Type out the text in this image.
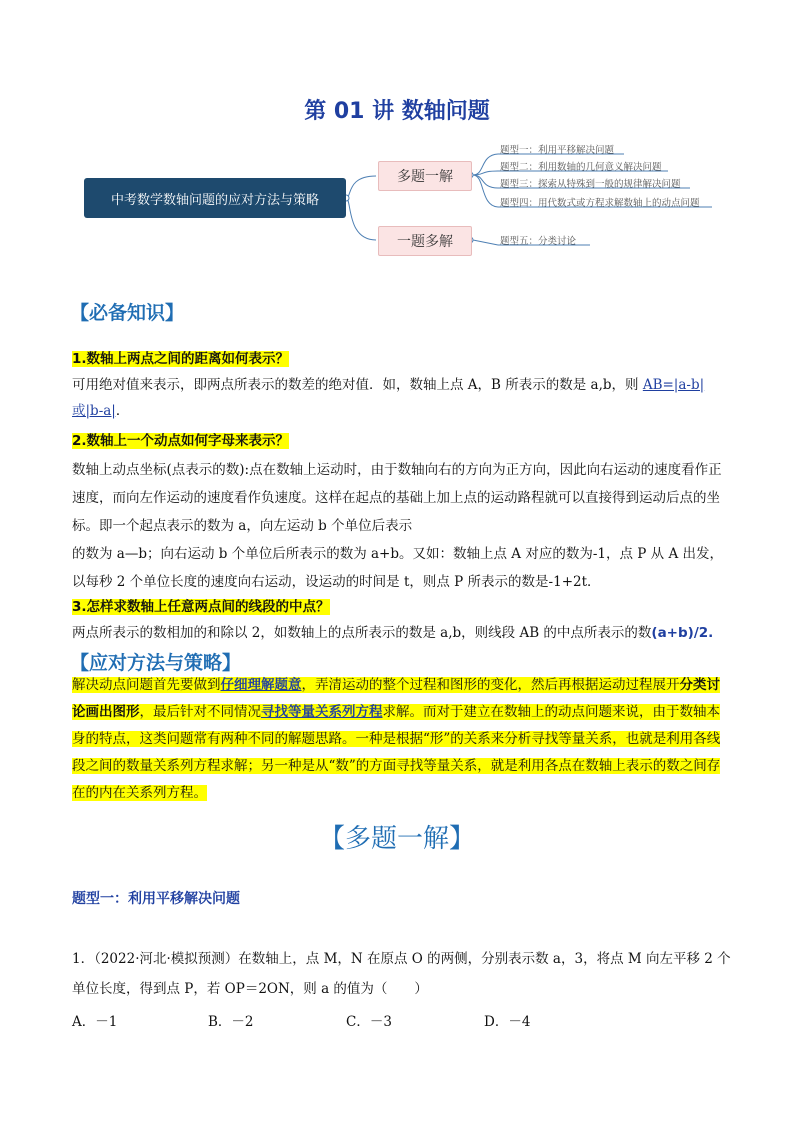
第 01 讲 数轴问题
中考数学数轴问题的应对方法与策略
多题一解
一题多解
题型一：利用平移解决问题
题型二：利用数轴的几何意义解决问题
题型三：探索从特殊到一般的规律解决问题
题型四：用代数式或方程求解数轴上的动点问题
题型五：分类讨论
【必备知识】
1.数轴上两点之间的距离如何表示？
可用绝对值来表示，即两点所表示的数差的绝对值．如，数轴上点 A，B 所表示的数是 a,b，则 AB=|a-b|
或|b-a|．
2.数轴上一个动点如何字母来表示？
数轴上动点坐标(点表示的数):点在数轴上运动时，由于数轴向右的方向为正方向，因此向右运动的速度看作正速度，而向左作运动的速度看作负速度。这样在起点的基础上加上点的运动路程就可以直接得到运动后点的坐标。即一个起点表示的数为 a，向左运动 b 个单位后表示
的数为 a—b；向右运动 b 个单位后所表示的数为 a+b。又如：数轴上点 A 对应的数为-1，点 P 从 A 出发，以每秒 2 个单位长度的速度向右运动，设运动的时间是 t，则点 P 所表示的数是-1+2t．
3.怎样求数轴上任意两点间的线段的中点？
两点所表示的数相加的和除以 2，如数轴上的点所表示的数是 a,b，则线段 AB 的中点所表示的数(a+b)/2.
【应对方法与策略】
解决动点问题首先要做到仔细理解题意，弄清运动的整个过程和图形的变化，然后再根据运动过程展开分类讨论画出图形，最后针对不同情况寻找等量关系列方程求解。而对于建立在数轴上的动点问题来说，由于数轴本身的特点，这类问题常有两种不同的解题思路。一种是根据“形”的关系来分析寻找等量关系，也就是利用各线段之间的数量关系列方程求解；另一种是从“数”的方面寻找等量关系，就是利用各点在数轴上表示的数之间存在的内在关系列方程。
【多题一解】
题型一：利用平移解决问题
1．（2022·河北·模拟预测）在数轴上，点 M，N 在原点 O 的两侧，分别表示数 a，3，将点 M 向左平移 2 个单位长度，得到点 P，若 OP＝2ON，则 a 的值为（　　）
A．－1	B．－2	C．－3	D．－4
